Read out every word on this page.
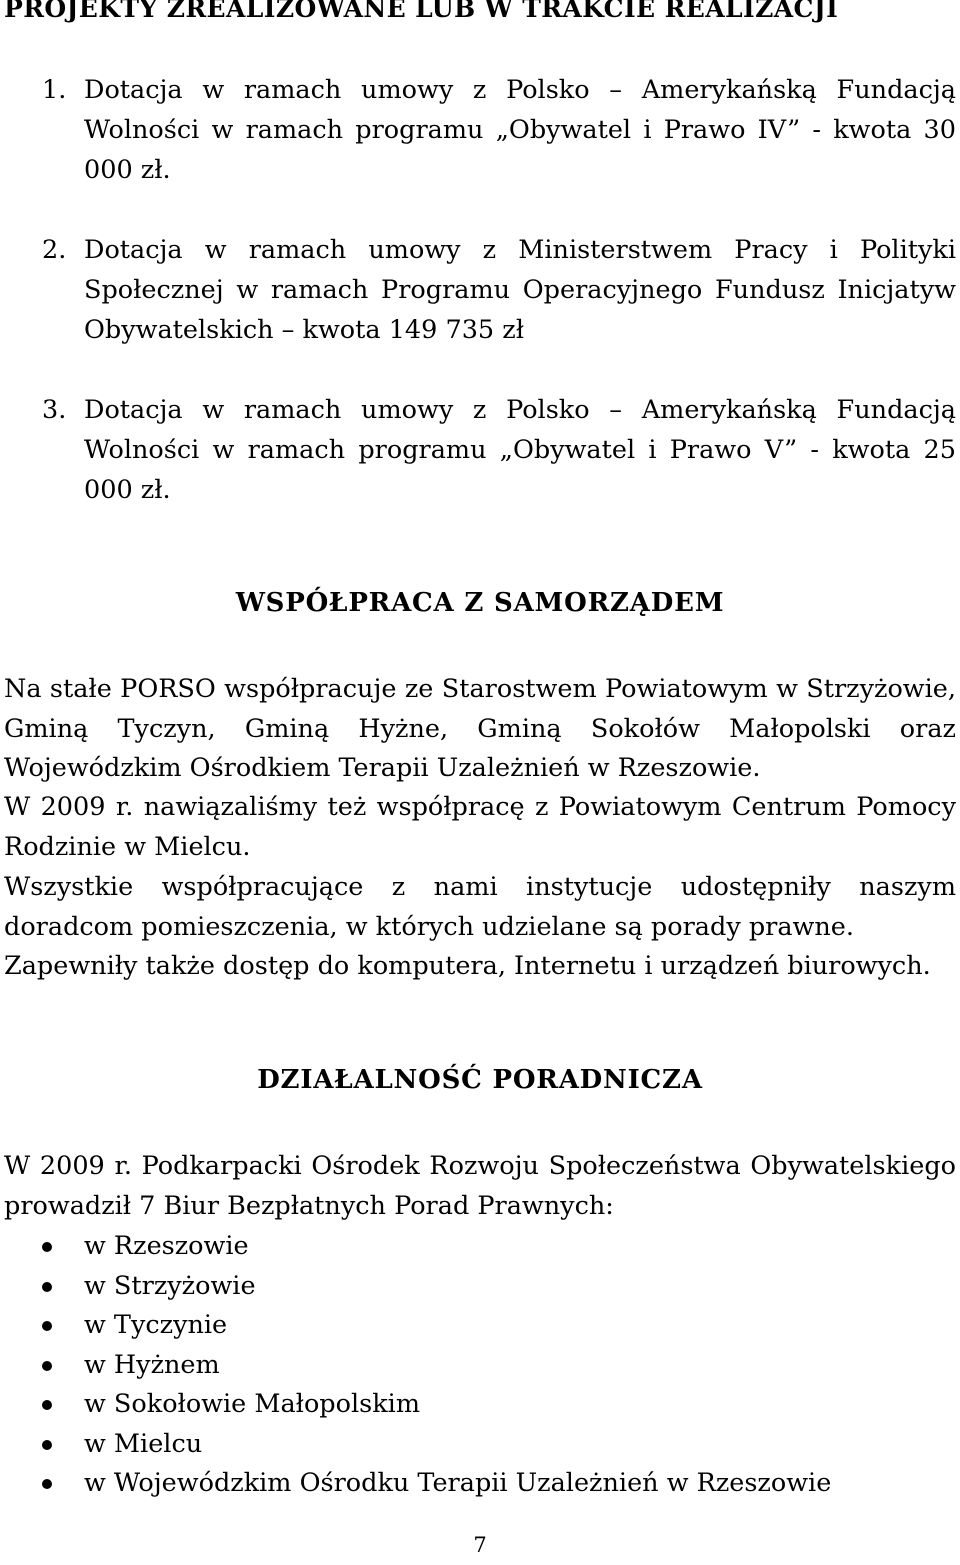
PROJEKTY ZREALIZOWANE LUB W TRAKCIE REALIZACJI
1. Dotacja w ramach umowy z Polsko – Amerykańską Fundacją Wolności w ramach programu „Obywatel i Prawo IV” - kwota 30 000 zł.
2. Dotacja w ramach umowy z Ministerstwem Pracy i Polityki Społecznej w ramach Programu Operacyjnego Fundusz Inicjatyw Obywatelskich – kwota 149 735 zł
3. Dotacja w ramach umowy z Polsko – Amerykańską Fundacją Wolności w ramach programu „Obywatel i Prawo V” - kwota 25 000 zł.
WSPÓŁPRACA Z SAMORZĄDEM

Na stałe PORSO współpracuje ze Starostwem Powiatowym w Strzyżowie, Gminą Tyczyn, Gminą Hyżne, Gminą Sokołów Małopolski oraz Wojewódzkim Ośrodkiem Terapii Uzależnień w Rzeszowie.

W 2009 r. nawiązaliśmy też współpracę z Powiatowym Centrum Pomocy Rodzinie w Mielcu.

Wszystkie współpracujące z nami instytucje udostępniły naszym doradcom pomieszczenia, w których udzielane są porady prawne.
Zapewniły także dostęp do komputera, Internetu i urządzeń biurowych.

DZIAŁALNOŚĆ PORADNICZA

W 2009 r. Podkarpacki Ośrodek Rozwoju Społeczeństwa Obywatelskiego prowadził 7 Biur Bezpłatnych Porad Prawnych:

w Rzeszowie
w Strzyżowie
w Tyczynie
w Hyżnem
w Sokołowie Małopolskim
w Mielcu
w Wojewódzkim Ośrodku Terapii Uzależnień w Rzeszowie
7
